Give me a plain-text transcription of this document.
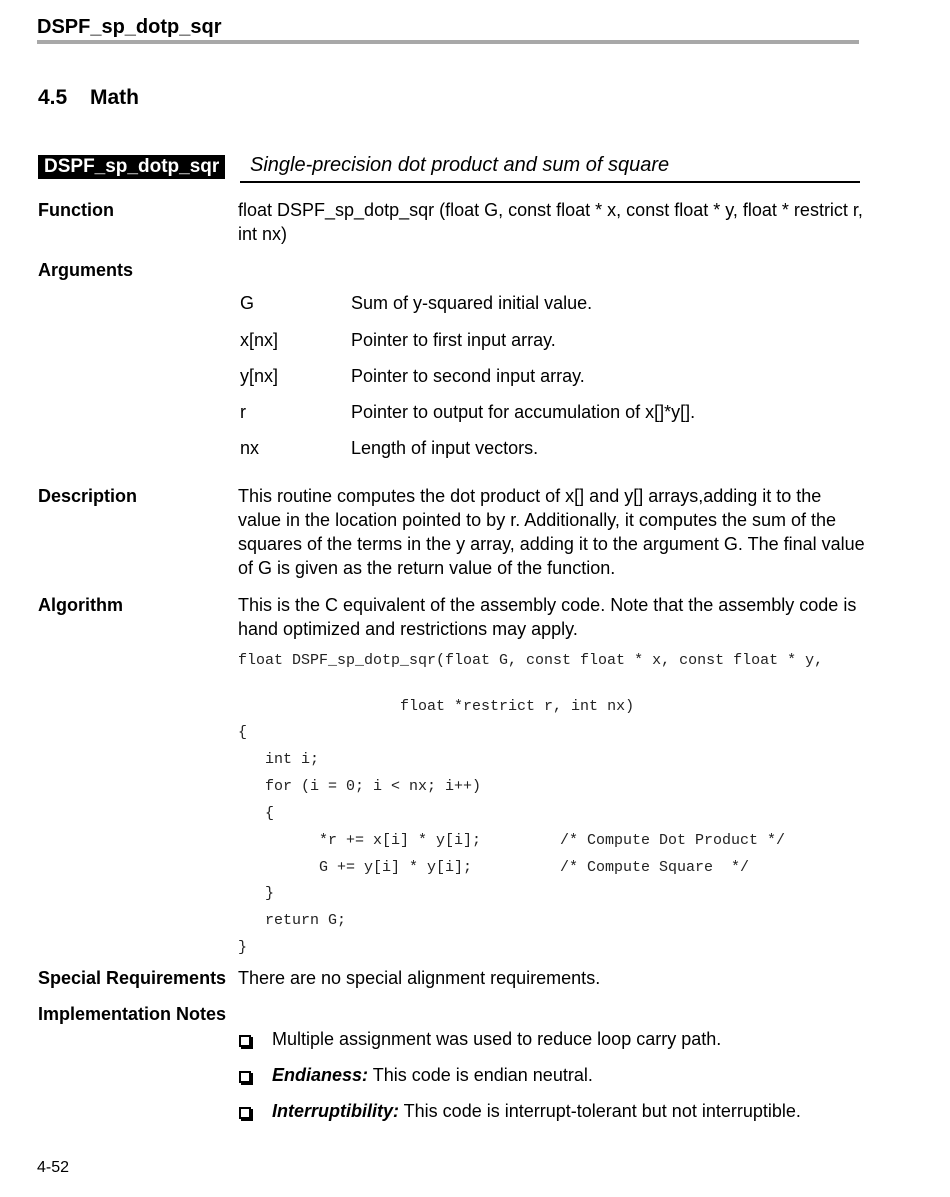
DSPF_sp_dotp_sqr
4.5 Math
DSPF_sp_dotp_sqr	Single-precision dot product and sum of square
Function	float DSPF_sp_dotp_sqr (float G, const float * x, const float * y, float * restrict r, int nx)
Arguments
G	Sum of y-squared initial value.
x[nx]	Pointer to first input array.
y[nx]	Pointer to second input array.
r	Pointer to output for accumulation of x[]*y[].
nx	Length of input vectors.
Description	This routine computes the dot product of x[] and y[] arrays,adding it to the value in the location pointed to by r. Additionally, it computes the sum of the squares of the terms in the y array, adding it to the argument G. The final value of G is given as the return value of the function.
Algorithm	This is the C equivalent of the assembly code. Note that the assembly code is hand optimized and restrictions may apply.
float DSPF_sp_dotp_sqr(float G, const float * x, const float * y,
float *restrict r, int nx)
{
int i;
for (i = 0; i < nx; i++)
{
*r += x[i] * y[i];	/* Compute Dot Product */
G += y[i] * y[i];	/* Compute Square  */
}
return G;
}
Special Requirements There are no special alignment requirements.
Implementation Notes
Multiple assignment was used to reduce loop carry path.
Endianess: This code is endian neutral.
Interruptibility: This code is interrupt-tolerant but not interruptible.
4-52
